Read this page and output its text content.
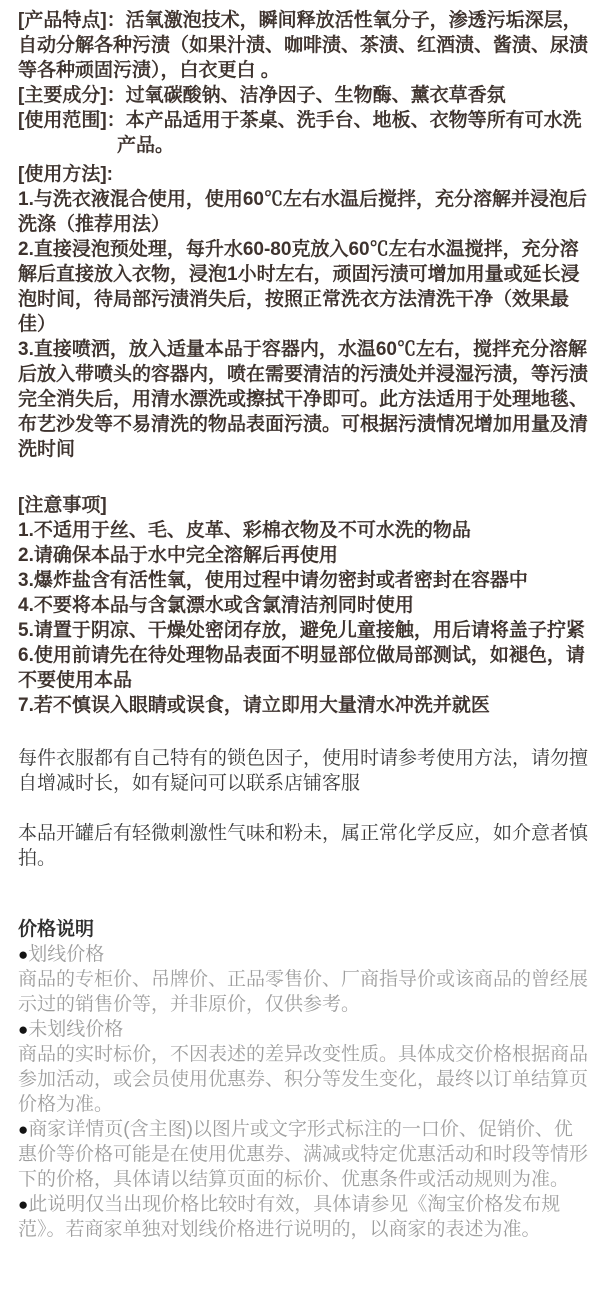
[产品特点]：活氧激泡技术，瞬间释放活性氧分子，渗透污垢深层，自动分解各种污渍（如果汁渍、咖啡渍、茶渍、红酒渍、酱渍、尿渍等各种顽固污渍），白衣更白 。

[主要成分]：过氧碳酸钠、洁净因子、生物酶、薰衣草香氛

[使用范围]：本产品适用于茶桌、洗手台、地板、衣物等所有可水洗产品。

[使用方法]:

1.与洗衣液混合使用，使用60℃左右水温后搅拌，充分溶解并浸泡后洗涤（推荐用法）

2.直接浸泡预处理，每升水60-80克放入60℃左右水温搅拌，充分溶解后直接放入衣物，浸泡1小时左右，顽固污渍可增加用量或延长浸泡时间，待局部污渍消失后，按照正常洗衣方法清洗干净（效果最佳）

3.直接喷洒，放入适量本品于容器内，水温60℃左右，搅拌充分溶解后放入带喷头的容器内，喷在需要清洁的污渍处并浸湿污渍，等污渍完全消失后，用清水漂洗或擦拭干净即可。此方法适用于处理地毯、布艺沙发等不易清洗的物品表面污渍。可根据污渍情况增加用量及清洗时间

[注意事项]

1.不适用于丝、毛、皮革、彩棉衣物及不可水洗的物品

2.请确保本品于水中完全溶解后再使用

3.爆炸盐含有活性氧，使用过程中请勿密封或者密封在容器中

4.不要将本品与含氯漂水或含氯清洁剂同时使用

5.请置于阴凉、干燥处密闭存放，避免儿童接触，用后请将盖子拧紧

6.使用前请先在待处理物品表面不明显部位做局部测试，如褪色，请不要使用本品

7.若不慎误入眼睛或误食，请立即用大量清水冲洗并就医

每件衣服都有自己特有的锁色因子，使用时请参考使用方法，请勿擅自增减时长，如有疑问可以联系店铺客服

本品开罐后有轻微刺激性气味和粉未，属正常化学反应，如介意者慎拍。

价格说明

●划线价格

商品的专柜价、吊牌价、正品零售价、厂商指导价或该商品的曾经展示过的销售价等，并非原价，仅供参考。

●未划线价格

商品的实时标价，不因表述的差异改变性质。具体成交价格根据商品参加活动，或会员使用优惠券、积分等发生变化，最终以订单结算页价格为准。

●商家详情页(含主图)以图片或文字形式标注的一口价、促销价、优惠价等价格可能是在使用优惠券、满减或特定优惠活动和时段等情形下的价格，具体请以结算页面的标价、优惠条件或活动规则为准。

●此说明仅当出现价格比较时有效，具体请参见《淘宝价格发布规范》。若商家单独对划线价格进行说明的，以商家的表述为准。
